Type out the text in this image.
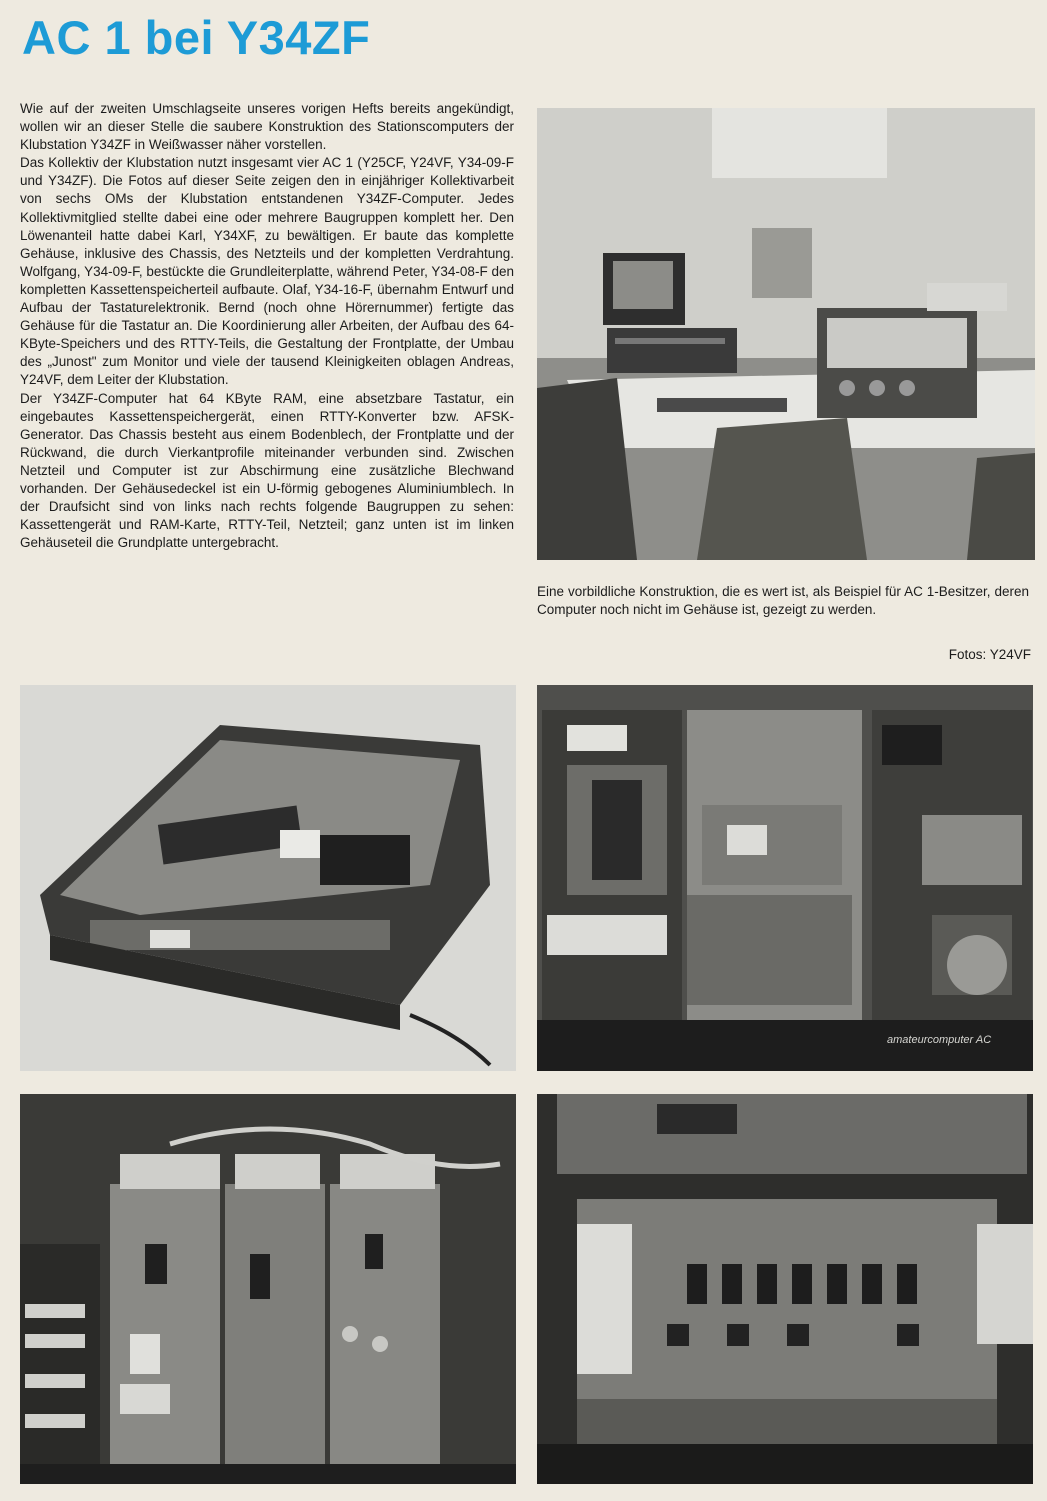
AC 1 bei Y34ZF

Wie auf der zweiten Umschlagseite unseres vorigen Hefts bereits angekündigt, wollen wir an dieser Stelle die saubere Konstruktion des Stationscomputers der Klubstation Y34ZF in Weißwasser näher vorstellen.

Das Kollektiv der Klubstation nutzt insgesamt vier AC 1 (Y25CF, Y24VF, Y34-09-F und Y34ZF). Die Fotos auf dieser Seite zeigen den in einjähriger Kollektivarbeit von sechs OMs der Klubstation entstandenen Y34ZF-Computer. Jedes Kollektivmitglied stellte dabei eine oder mehrere Baugruppen komplett her. Den Löwenanteil hatte dabei Karl, Y34XF, zu bewältigen. Er baute das komplette Gehäuse, inklusive des Chassis, des Netzteils und der kompletten Verdrahtung. Wolfgang, Y34-09-F, bestückte die Grundleiterplatte, während Peter, Y34-08-F den kompletten Kassettenspeicherteil aufbaute. Olaf, Y34-16-F, übernahm Entwurf und Aufbau der Tastaturelektronik. Bernd (noch ohne Hörernummer) fertigte das Gehäuse für die Tastatur an. Die Koordinierung aller Arbeiten, der Aufbau des 64-KByte-Speichers und des RTTY-Teils, die Gestaltung der Frontplatte, der Umbau des „Junost" zum Monitor und viele der tausend Kleinigkeiten oblagen Andreas, Y24VF, dem Leiter der Klubstation.

Der Y34ZF-Computer hat 64 KByte RAM, eine absetzbare Tastatur, ein eingebautes Kassettenspeichergerät, einen RTTY-Konverter bzw. AFSK-Generator. Das Chassis besteht aus einem Bodenblech, der Frontplatte und der Rückwand, die durch Vierkantprofile miteinander verbunden sind. Zwischen Netzteil und Computer ist zur Abschirmung eine zusätzliche Blechwand vorhanden. Der Gehäusedeckel ist ein U-förmig gebogenes Aluminiumblech. In der Draufsicht sind von links nach rechts folgende Baugruppen zu sehen: Kassettengerät und RAM-Karte, RTTY-Teil, Netzteil; ganz unten ist im linken Gehäuseteil die Grundplatte untergebracht.

Eine vorbildliche Konstruktion, die es wert ist, als Beispiel für AC 1-Besitzer, deren Computer noch nicht im Gehäuse ist, gezeigt zu werden.
Fotos: Y24VF
amateurcomputer AC
